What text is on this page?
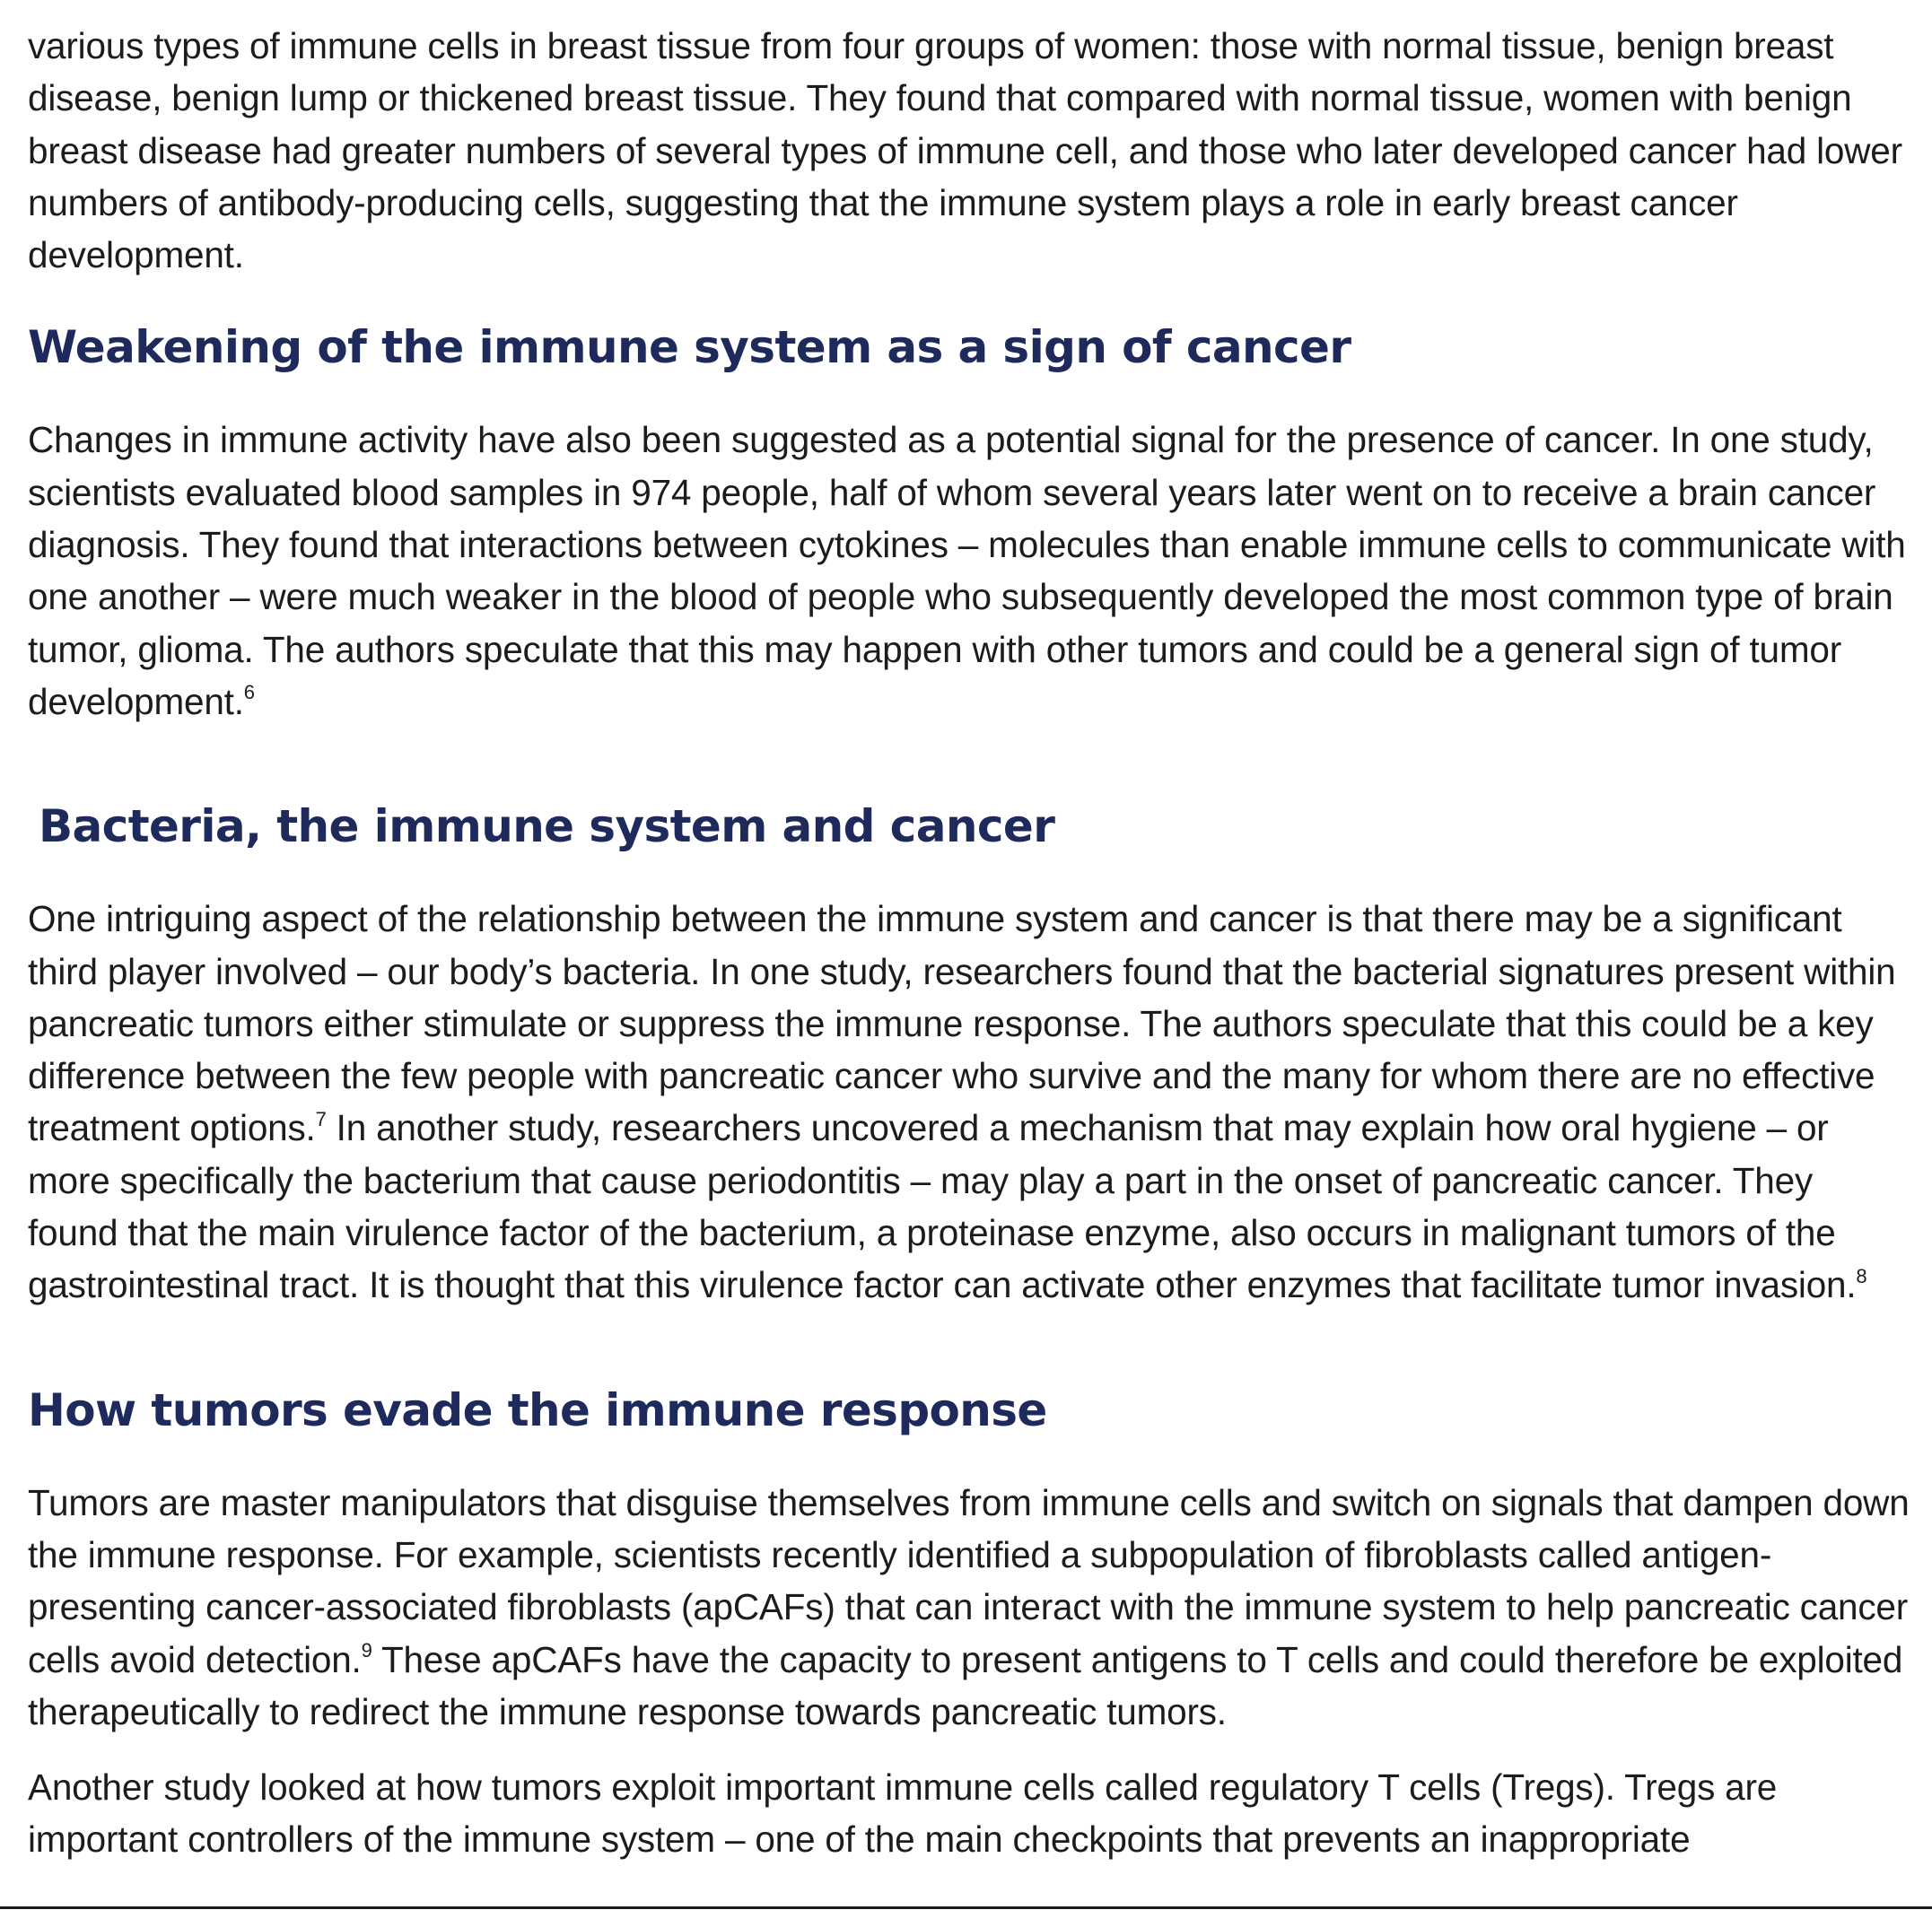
various types of immune cells in breast tissue from four groups of women: those with normal tissue, benign breast disease, benign lump or thickened breast tissue. They found that compared with normal tissue, women with benign breast disease had greater numbers of several types of immune cell, and those who later developed cancer had lower numbers of antibody-producing cells, suggesting that the immune system plays a role in early breast cancer development.

Weakening of the immune system as a sign of cancer

Changes in immune activity have also been suggested as a potential signal for the presence of cancer. In one study, scientists evaluated blood samples in 974 people, half of whom several years later went on to receive a brain cancer diagnosis. They found that interactions between cytokines – molecules than enable immune cells to communicate with one another – were much weaker in the blood of people who subsequently developed the most common type of brain tumor, glioma. The authors speculate that this may happen with other tumors and could be a general sign of tumor development.$^6$

Bacteria, the immune system and cancer

One intriguing aspect of the relationship between the immune system and cancer is that there may be a significant third player involved – our body’s bacteria. In one study, researchers found that the bacterial signatures present within pancreatic tumors either stimulate or suppress the immune response. The authors speculate that this could be a key difference between the few people with pancreatic cancer who survive and the many for whom there are no effective treatment options.$^7$ In another study, researchers uncovered a mechanism that may explain how oral hygiene – or more specifically the bacterium that cause periodontitis – may play a part in the onset of pancreatic cancer. They found that the main virulence factor of the bacterium, a proteinase enzyme, also occurs in malignant tumors of the gastrointestinal tract. It is thought that this virulence factor can activate other enzymes that facilitate tumor invasion.$^8$

How tumors evade the immune response

Tumors are master manipulators that disguise themselves from immune cells and switch on signals that dampen down the immune response. For example, scientists recently identified a subpopulation of fibroblasts called antigen-presenting cancer-associated fibroblasts (apCAFs) that can interact with the immune system to help pancreatic cancer cells avoid detection.$^9$ These apCAFs have the capacity to present antigens to T cells and could therefore be exploited therapeutically to redirect the immune response towards pancreatic tumors.

Another study looked at how tumors exploit important immune cells called regulatory T cells (Tregs). Tregs are important controllers of the immune system – one of the main checkpoints that prevents an inappropriate
